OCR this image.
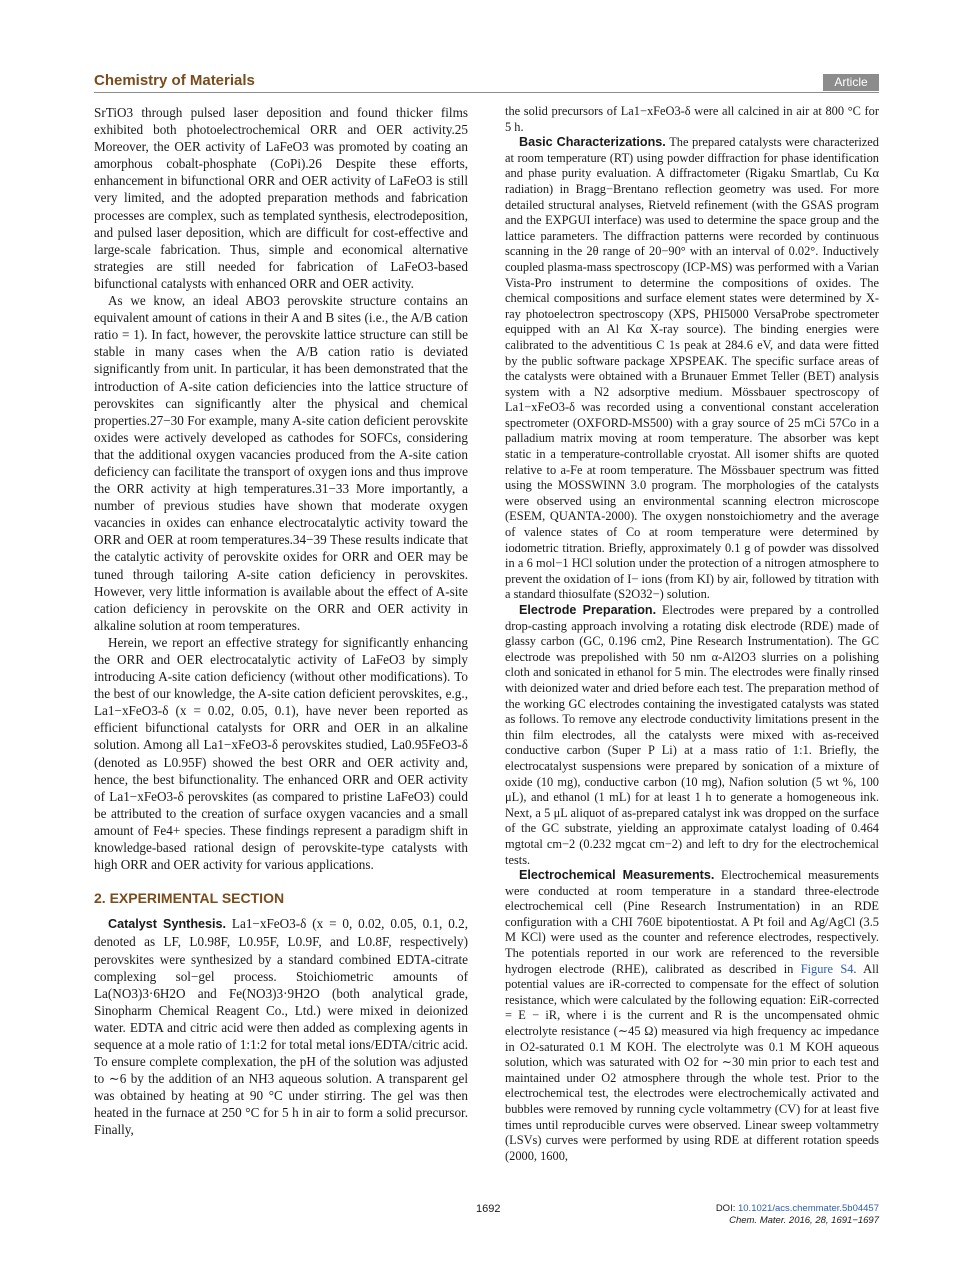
Chemistry of Materials	Article

SrTiO3 through pulsed laser deposition and found thicker films exhibited both photoelectrochemical ORR and OER activity.25 Moreover, the OER activity of LaFeO3 was promoted by coating an amorphous cobalt-phosphate (CoPi).26 Despite these efforts, enhancement in bifunctional ORR and OER activity of LaFeO3 is still very limited, and the adopted preparation methods and fabrication processes are complex, such as templated synthesis, electrodeposition, and pulsed laser deposition, which are difficult for cost-effective and large-scale fabrication. Thus, simple and economical alternative strategies are still needed for fabrication of LaFeO3-based bifunctional catalysts with enhanced ORR and OER activity.

As we know, an ideal ABO3 perovskite structure contains an equivalent amount of cations in their A and B sites (i.e., the A/B cation ratio = 1). In fact, however, the perovskite lattice structure can still be stable in many cases when the A/B cation ratio is deviated significantly from unit. In particular, it has been demonstrated that the introduction of A-site cation deficiencies into the lattice structure of perovskites can significantly alter the physical and chemical properties.27−30 For example, many A-site cation deficient perovskite oxides were actively developed as cathodes for SOFCs, considering that the additional oxygen vacancies produced from the A-site cation deficiency can facilitate the transport of oxygen ions and thus improve the ORR activity at high temperatures.31−33 More importantly, a number of previous studies have shown that moderate oxygen vacancies in oxides can enhance electrocatalytic activity toward the ORR and OER at room temperatures.34−39 These results indicate that the catalytic activity of perovskite oxides for ORR and OER may be tuned through tailoring A-site cation deficiency in perovskites. However, very little information is available about the effect of A-site cation deficiency in perovskite on the ORR and OER activity in alkaline solution at room temperatures.

Herein, we report an effective strategy for significantly enhancing the ORR and OER electrocatalytic activity of LaFeO3 by simply introducing A-site cation deficiency (without other modifications). To the best of our knowledge, the A-site cation deficient perovskites, e.g., La1−xFeO3-δ (x = 0.02, 0.05, 0.1), have never been reported as efficient bifunctional catalysts for ORR and OER in an alkaline solution. Among all La1−xFeO3-δ perovskites studied, La0.95FeO3-δ (denoted as L0.95F) showed the best ORR and OER activity and, hence, the best bifunctionality. The enhanced ORR and OER activity of La1−xFeO3-δ perovskites (as compared to pristine LaFeO3) could be attributed to the creation of surface oxygen vacancies and a small amount of Fe4+ species. These findings represent a paradigm shift in knowledge-based rational design of perovskite-type catalysts with high ORR and OER activity for various applications.

2. EXPERIMENTAL SECTION

Catalyst Synthesis. La1−xFeO3-δ (x = 0, 0.02, 0.05, 0.1, 0.2, denoted as LF, L0.98F, L0.95F, L0.9F, and L0.8F, respectively) perovskites were synthesized by a standard combined EDTA-citrate complexing sol−gel process. Stoichiometric amounts of La(NO3)3·6H2O and Fe(NO3)3·9H2O (both analytical grade, Sinopharm Chemical Reagent Co., Ltd.) were mixed in deionized water. EDTA and citric acid were then added as complexing agents in sequence at a mole ratio of 1:1:2 for total metal ions/EDTA/citric acid. To ensure complete complexation, the pH of the solution was adjusted to ∼6 by the addition of an NH3 aqueous solution. A transparent gel was obtained by heating at 90 °C under stirring. The gel was then heated in the furnace at 250 °C for 5 h in air to form a solid precursor. Finally,

the solid precursors of La1−xFeO3-δ were all calcined in air at 800 °C for 5 h.

Basic Characterizations. The prepared catalysts were characterized at room temperature (RT) using powder diffraction for phase identification and phase purity evaluation. A diffractometer (Rigaku Smartlab, Cu Kα radiation) in Bragg−Brentano reflection geometry was used. For more detailed structural analyses, Rietveld refinement (with the GSAS program and the EXPGUI interface) was used to determine the space group and the lattice parameters. The diffraction patterns were recorded by continuous scanning in the 2θ range of 20−90° with an interval of 0.02°. Inductively coupled plasma-mass spectroscopy (ICP-MS) was performed with a Varian Vista-Pro instrument to determine the compositions of oxides. The chemical compositions and surface element states were determined by X-ray photoelectron spectroscopy (XPS, PHI5000 VersaProbe spectrometer equipped with an Al Kα X-ray source). The binding energies were calibrated to the adventitious C 1s peak at 284.6 eV, and data were fitted by the public software package XPSPEAK. The specific surface areas of the catalysts were obtained with a Brunauer Emmet Teller (BET) analysis system with a N2 adsorptive medium. Mössbauer spectroscopy of La1−xFeO3-δ was recorded using a conventional constant acceleration spectrometer (OXFORD-MS500) with a gray source of 25 mCi 57Co in a palladium matrix moving at room temperature. The absorber was kept static in a temperature-controllable cryostat. All isomer shifts are quoted relative to a-Fe at room temperature. The Mössbauer spectrum was fitted using the MOSSWINN 3.0 program. The morphologies of the catalysts were observed using an environmental scanning electron microscope (ESEM, QUANTA-2000). The oxygen nonstoichiometry and the average of valence states of Co at room temperature were determined by iodometric titration. Briefly, approximately 0.1 g of powder was dissolved in a 6 mol−1 HCl solution under the protection of a nitrogen atmosphere to prevent the oxidation of I− ions (from KI) by air, followed by titration with a standard thiosulfate (S2O32−) solution.

Electrode Preparation. Electrodes were prepared by a controlled drop-casting approach involving a rotating disk electrode (RDE) made of glassy carbon (GC, 0.196 cm2, Pine Research Instrumentation). The GC electrode was prepolished with 50 nm α-Al2O3 slurries on a polishing cloth and sonicated in ethanol for 5 min. The electrodes were finally rinsed with deionized water and dried before each test. The preparation method of the working GC electrodes containing the investigated catalysts was stated as follows. To remove any electrode conductivity limitations present in the thin film electrodes, all the catalysts were mixed with as-received conductive carbon (Super P Li) at a mass ratio of 1:1. Briefly, the electrocatalyst suspensions were prepared by sonication of a mixture of oxide (10 mg), conductive carbon (10 mg), Nafion solution (5 wt %, 100 μL), and ethanol (1 mL) for at least 1 h to generate a homogeneous ink. Next, a 5 μL aliquot of as-prepared catalyst ink was dropped on the surface of the GC substrate, yielding an approximate catalyst loading of 0.464 mgtotal cm−2 (0.232 mgcat cm−2) and left to dry for the electrochemical tests.

Electrochemical Measurements. Electrochemical measurements were conducted at room temperature in a standard three-electrode electrochemical cell (Pine Research Instrumentation) in an RDE configuration with a CHI 760E bipotentiostat. A Pt foil and Ag/AgCl (3.5 M KCl) were used as the counter and reference electrodes, respectively. The potentials reported in our work are referenced to the reversible hydrogen electrode (RHE), calibrated as described in Figure S4. All potential values are iR-corrected to compensate for the effect of solution resistance, which were calculated by the following equation: EiR-corrected = E − iR, where i is the current and R is the uncompensated ohmic electrolyte resistance (∼45 Ω) measured via high frequency ac impedance in O2-saturated 0.1 M KOH. The electrolyte was 0.1 M KOH aqueous solution, which was saturated with O2 for ∼30 min prior to each test and maintained under O2 atmosphere through the whole test. Prior to the electrochemical test, the electrodes were electrochemically activated and bubbles were removed by running cycle voltammetry (CV) for at least five times until reproducible curves were observed. Linear sweep voltammetry (LSVs) curves were performed by using RDE at different rotation speeds (2000, 1600,

1692	DOI: 10.1021/acs.chemmater.5b04457
Chem. Mater. 2016, 28, 1691−1697
